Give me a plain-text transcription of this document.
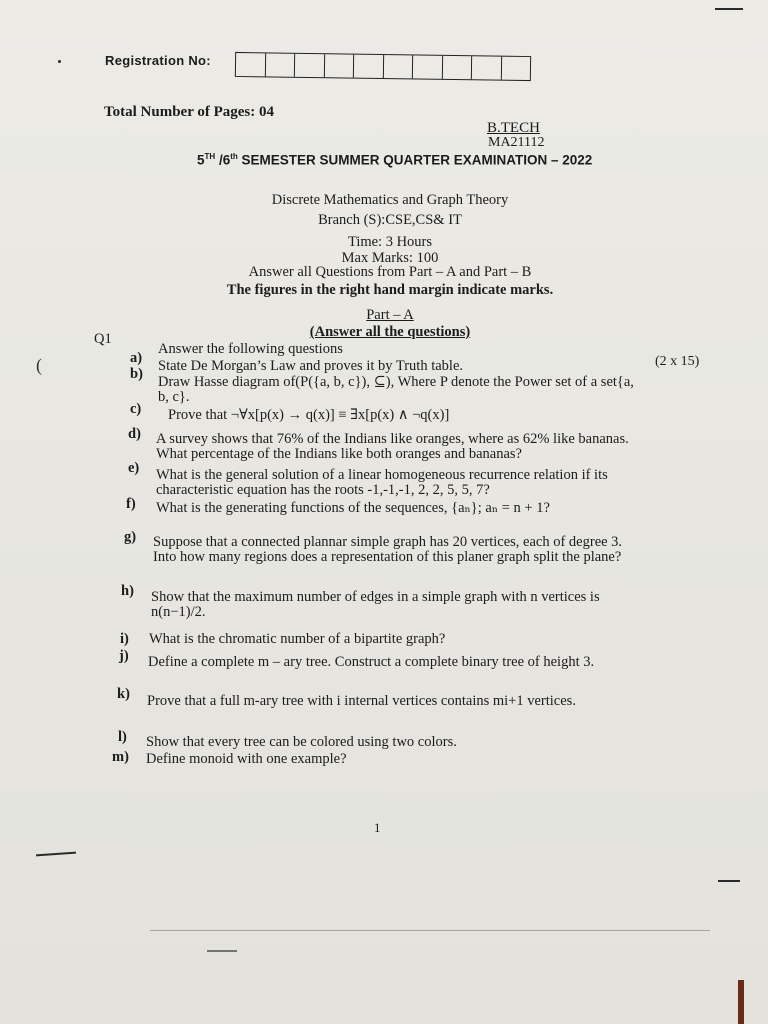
Registration No:
Total Number of Pages: 04
B.TECH
MA21112
5TH /6th SEMESTER SUMMER QUARTER EXAMINATION – 2022
Discrete Mathematics and Graph Theory
Branch (S):CSE,CS& IT
Time: 3 Hours
Max Marks: 100
Answer all Questions from Part – A and Part – B
The figures in the right hand margin indicate marks.
Part – A
(Answer all the questions)
Q1
Answer the following questions
(2 x 15)
a) State De Morgan’s Law and proves it by Truth table.
b) Draw Hasse diagram of(P({a, b, c}), ⊆), Where P denote the Power set of a set{a, b, c}.
c) Prove that ¬∀x[p(x) → q(x)] ≡ ∃x[p(x) ∧ ¬q(x)]
d) A survey shows that 76% of the Indians like oranges, where as 62% like bananas. What percentage of the Indians like both oranges and bananas?
e) What is the general solution of a linear homogeneous recurrence relation if its characteristic equation has the roots -1,-1,-1, 2, 2, 5, 5, 7?
f) What is the generating functions of the sequences, {aₙ}; aₙ = n + 1?
g) Suppose that a connected plannar simple graph has 20 vertices, each of degree 3. Into how many regions does a representation of this planer graph split the plane?
h) Show that the maximum number of edges in a simple graph with n vertices is n(n−1)/2.
i) What is the chromatic number of a bipartite graph?
j) Define a complete m – ary tree. Construct a complete binary tree of height 3.
k) Prove that a full m-ary tree with i internal vertices contains mi+1 vertices.
l) Show that every tree can be colored using two colors.
m) Define monoid with one example?
1
(
